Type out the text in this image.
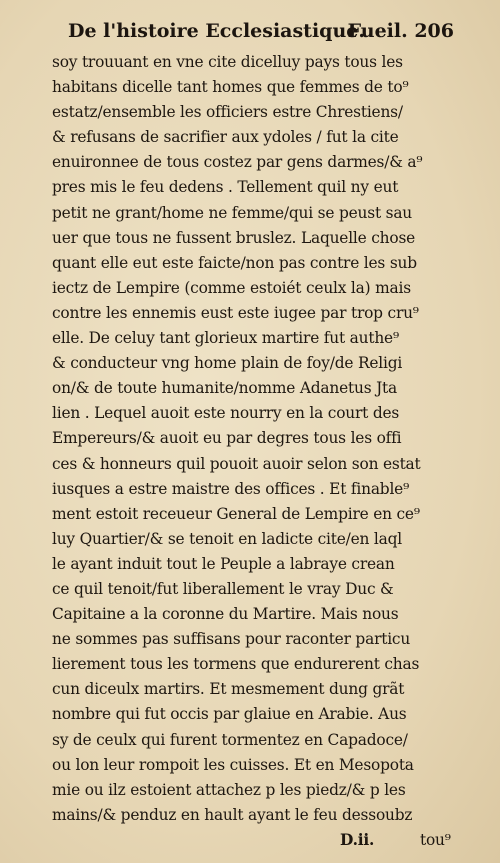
De l'histoire Ecclesiastique.
Fueil. 206
soy trouuant en vne cite dicelluy pays tous les
habitans dicelle tant homes que femmes de to⁹
estatz/ensemble les officiers estre Chrestiens/
& refusans de sacrifier aux ydoles / fut la cite
enuironnee de tous costez par gens darmes/& a⁹
pres mis le feu dedens . Tellement quil ny eut
petit ne grant/home ne femme/qui se peust sau
uer que tous ne fussent bruslez. Laquelle chose
quant elle eut este faicte/non pas contre les sub
iectz de Lempire (comme estoiét ceulx la) mais
contre les ennemis eust este iugee par trop cru⁹
elle. De celuy tant glorieux martire fut authe⁹
& conducteur vng home plain de foy/de Religi
on/& de toute humanite/nomme Adanetus Jta
lien . Lequel auoit este nourry en la court des
Empereurs/& auoit eu par degres tous les offi
ces & honneurs quil pouoit auoir selon son estat
iusques a estre maistre des offices . Et finable⁹
ment estoit receueur General de Lempire en ce⁹
luy Quartier/& se tenoit en ladicte cite/en laql
le ayant induit tout le Peuple a labraye crean
ce quil tenoit/fut liberallement le vray Duc &
Capitaine a la coronne du Martire. Mais nous
ne sommes pas suffisans pour raconter particu
lierement tous les tormens que endurerent chas
cun diceulx martirs. Et mesmement dung grãt
nombre qui fut occis par glaiue en Arabie. Aus
sy de ceulx qui furent tormentez en Capadoce/
ou lon leur rompoit les cuisses. Et en Mesopota
mie ou ilz estoient attachez p les piedz/& p les
mains/& penduz en hault ayant le feu dessoubz
D.ii.	tou⁹
